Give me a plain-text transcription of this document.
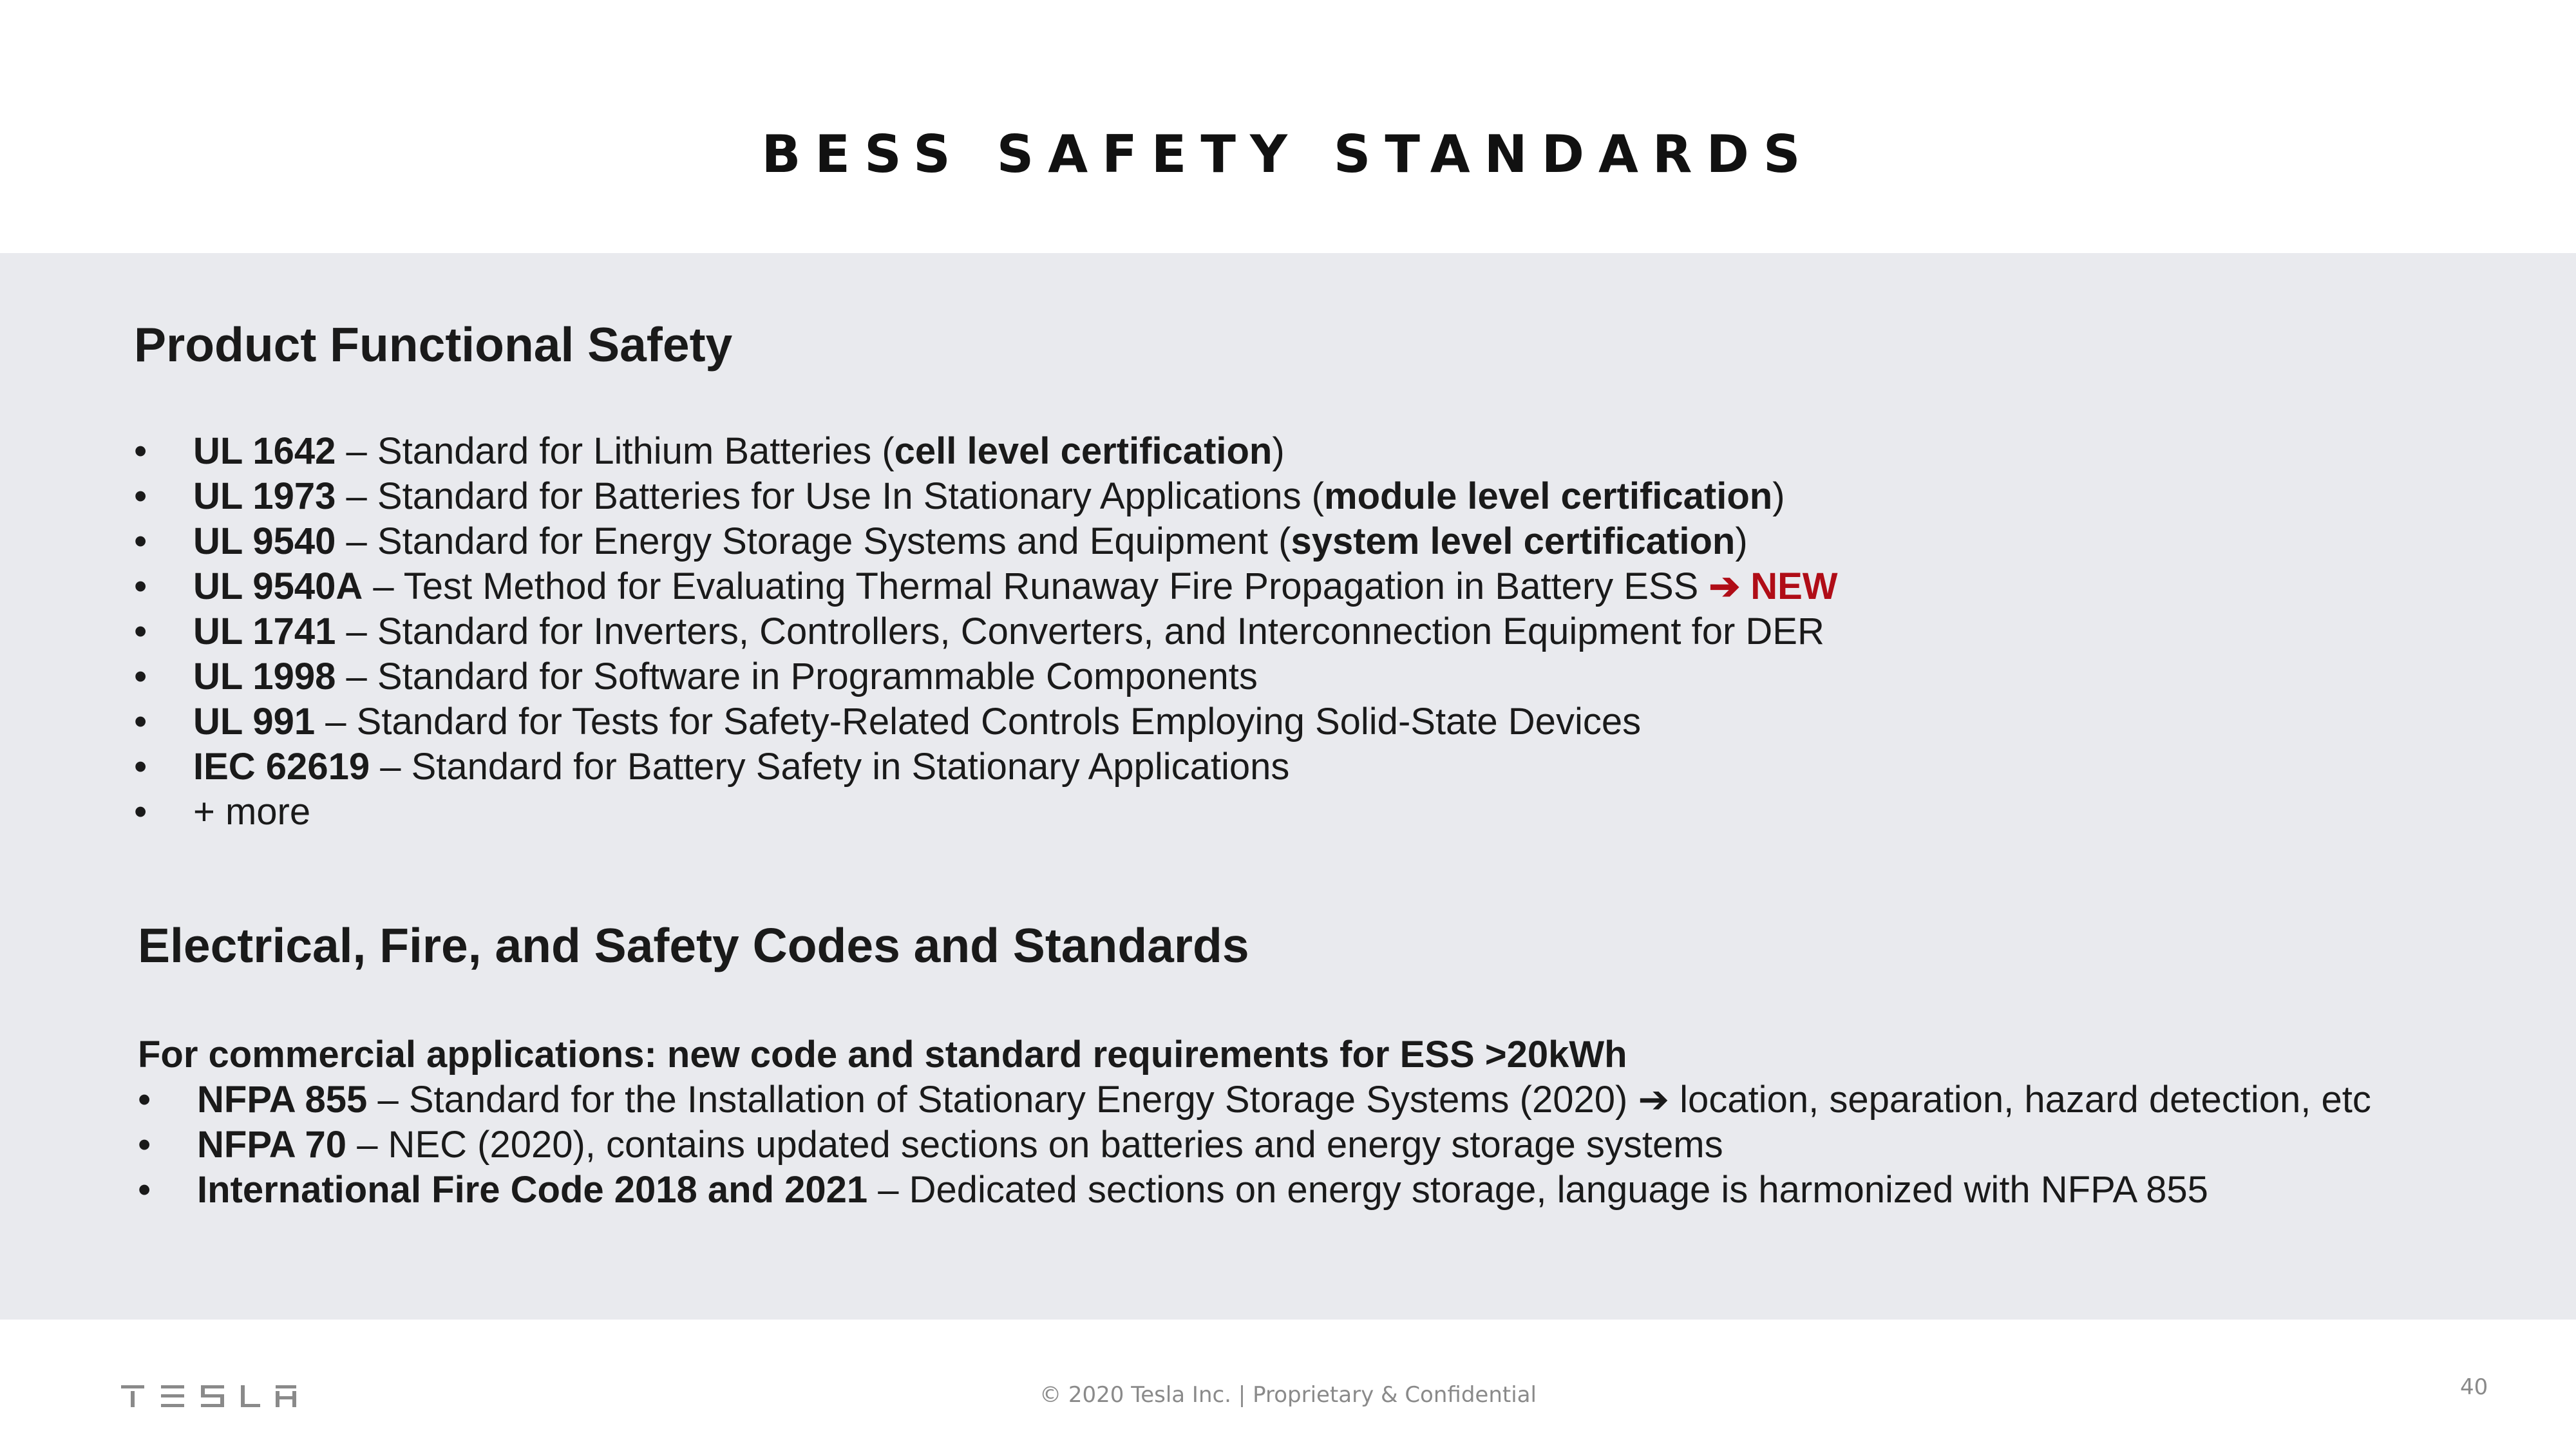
BESS SAFETY STANDARDS
Product Functional Safety
•	UL 1642 – Standard for Lithium Batteries (cell level certification)
•	UL 1973 – Standard for Batteries for Use In Stationary Applications (module level certification)
•	UL 9540 – Standard for Energy Storage Systems and Equipment (system level certification)
•	UL 9540A – Test Method for Evaluating Thermal Runaway Fire Propagation in Battery ESS ➔ NEW
•	UL 1741 – Standard for Inverters, Controllers, Converters, and Interconnection Equipment for DER
•	UL 1998 – Standard for Software in Programmable Components
•	UL 991 – Standard for Tests for Safety-Related Controls Employing Solid-State Devices
•	IEC 62619 – Standard for Battery Safety in Stationary Applications
•	+ more
Electrical, Fire, and Safety Codes and Standards

For commercial applications: new code and standard requirements for ESS >20kWh

•	NFPA 855 – Standard for the Installation of Stationary Energy Storage Systems (2020) ➔ location, separation, hazard detection, etc
•	NFPA 70 – NEC (2020), contains updated sections on batteries and energy storage systems
•	International Fire Code 2018 and 2021 – Dedicated sections on energy storage, language is harmonized with NFPA 855
© 2020 Tesla Inc. | Proprietary & Confidential	40
